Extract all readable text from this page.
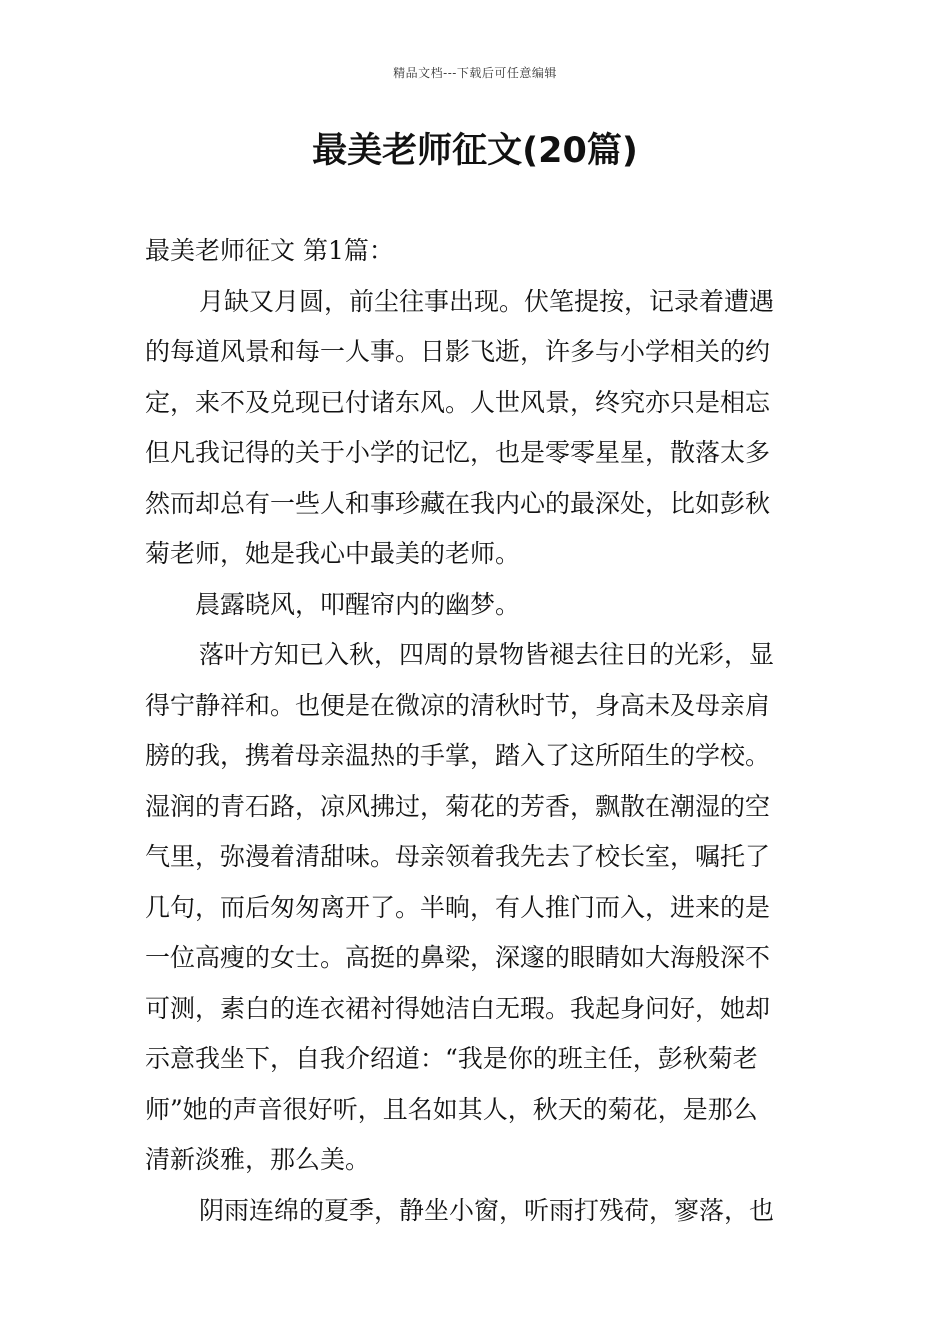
精品文档---下载后可任意编辑
最美老师征文(20篇)
最美老师征文 第1篇：
月缺又月圆，前尘往事出现。伏笔提按，记录着遭遇
的每道风景和每一人事。日影飞逝，许多与小学相关的约
定，来不及兑现已付诸东风。人世风景，终究亦只是相忘
但凡我记得的关于小学的记忆，也是零零星星，散落太多
然而却总有一些人和事珍藏在我内心的最深处，比如彭秋
菊老师，她是我心中最美的老师。
晨露晓风，叩醒帘内的幽梦。
落叶方知已入秋，四周的景物皆褪去往日的光彩，显
得宁静祥和。也便是在微凉的清秋时节，身高未及母亲肩
膀的我，携着母亲温热的手掌，踏入了这所陌生的学校。
湿润的青石路，凉风拂过，菊花的芳香，飘散在潮湿的空
气里，弥漫着清甜味。母亲领着我先去了校长室，嘱托了
几句，而后匆匆离开了。半晌，有人推门而入，进来的是
一位高瘦的女士。高挺的鼻梁，深邃的眼睛如大海般深不
可测，素白的连衣裙衬得她洁白无瑕。我起身问好，她却
示意我坐下，自我介绍道：“我是你的班主任，彭秋菊老
师”她的声音很好听，且名如其人，秋天的菊花，是那么
清新淡雅，那么美。
阴雨连绵的夏季，静坐小窗，听雨打残荷，寥落，也
